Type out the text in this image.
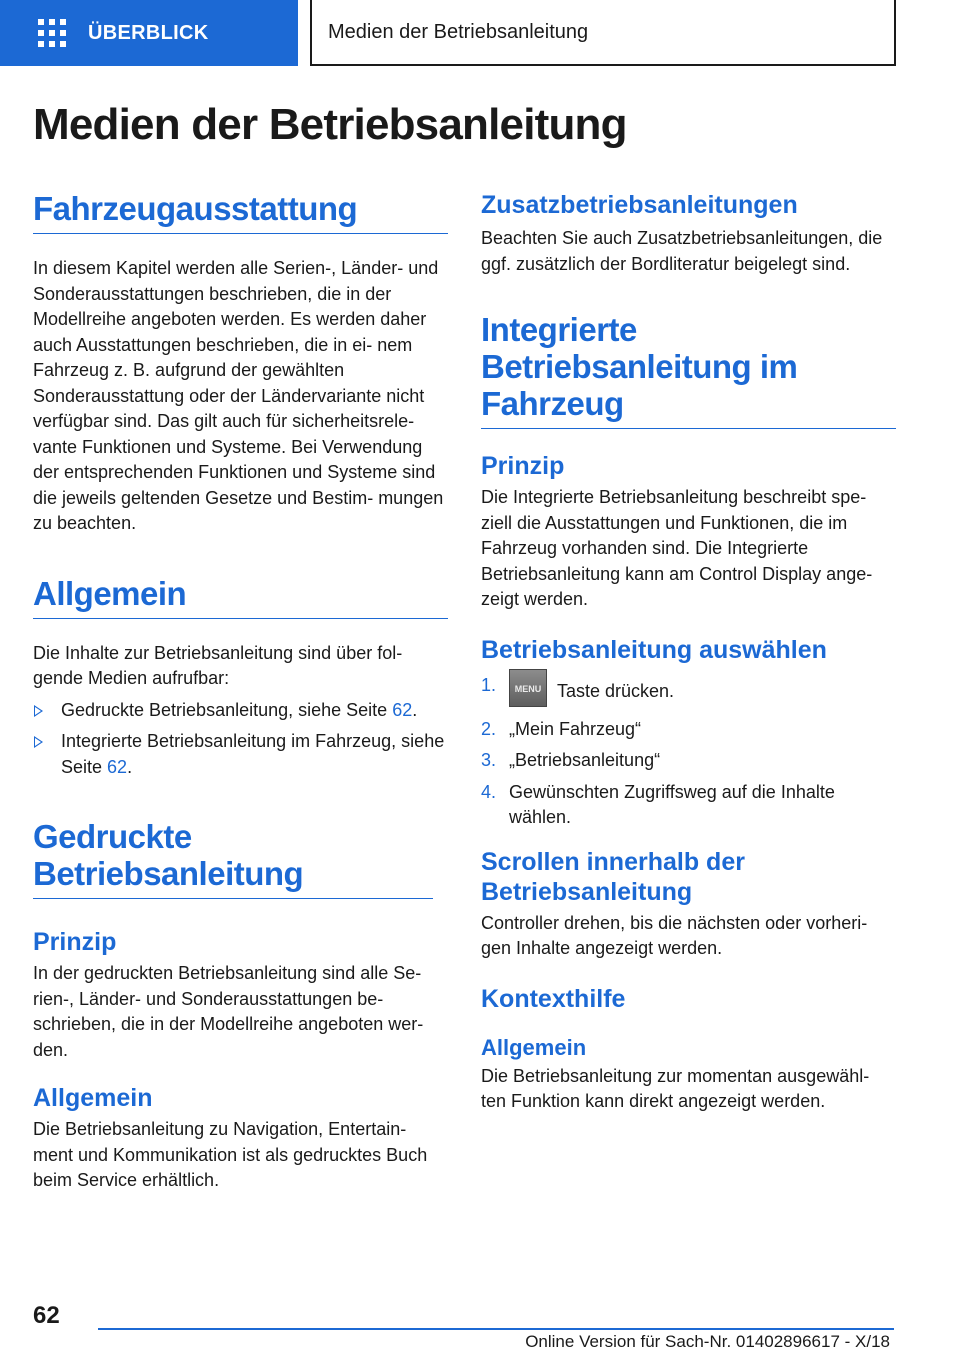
ÜBERBLICK	Medien der Betriebsanleitung
Medien der Betriebsanleitung
Fahrzeugausstattung

In diesem Kapitel werden alle Serien-, Länder- und Sonderausstattungen beschrieben, die in der Modellreihe angeboten werden. Es werden daher auch Ausstattungen beschrieben, die in ei- nem Fahrzeug z. B. aufgrund der gewählten Sonderausstattung oder der Ländervariante nicht verfügbar sind. Das gilt auch für sicherheitsrele- vante Funktionen und Systeme. Bei Verwendung der entsprechenden Funktionen und Systeme sind die jeweils geltenden Gesetze und Bestim- mungen zu beachten.

Allgemein

Die Inhalte zur Betriebsanleitung sind über fol- gende Medien aufrufbar:

Gedruckte Betriebsanleitung, siehe Seite 62.
Integrierte Betriebsanleitung im Fahrzeug, siehe Seite 62.
Gedruckte Betriebsanleitung
Prinzip

In der gedruckten Betriebsanleitung sind alle Se- rien-, Länder- und Sonderausstattungen be- schrieben, die in der Modellreihe angeboten wer- den.

Allgemein

Die Betriebsanleitung zu Navigation, Entertain- ment und Kommunikation ist als gedrucktes Buch beim Service erhältlich.

Zusatzbetriebsanleitungen

Beachten Sie auch Zusatzbetriebsanleitungen, die ggf. zusätzlich der Bordliteratur beigelegt sind.

Integrierte Betriebsanleitung im Fahrzeug
Prinzip

Die Integrierte Betriebsanleitung beschreibt spe- ziell die Ausstattungen und Funktionen, die im Fahrzeug vorhanden sind. Die Integrierte Betriebsanleitung kann am Control Display ange- zeigt werden.

Betriebsanleitung auswählen
1. MENU Taste drücken.
2. „Mein Fahrzeug“
3. „Betriebsanleitung“
4. Gewünschten Zugriffsweg auf die Inhalte wählen.
Scrollen innerhalb der Betriebsanleitung

Controller drehen, bis die nächsten oder vorheri- gen Inhalte angezeigt werden.

Kontexthilfe
Allgemein

Die Betriebsanleitung zur momentan ausgewähl- ten Funktion kann direkt angezeigt werden.

62
Online Version für Sach-Nr. 01402896617 - X/18
